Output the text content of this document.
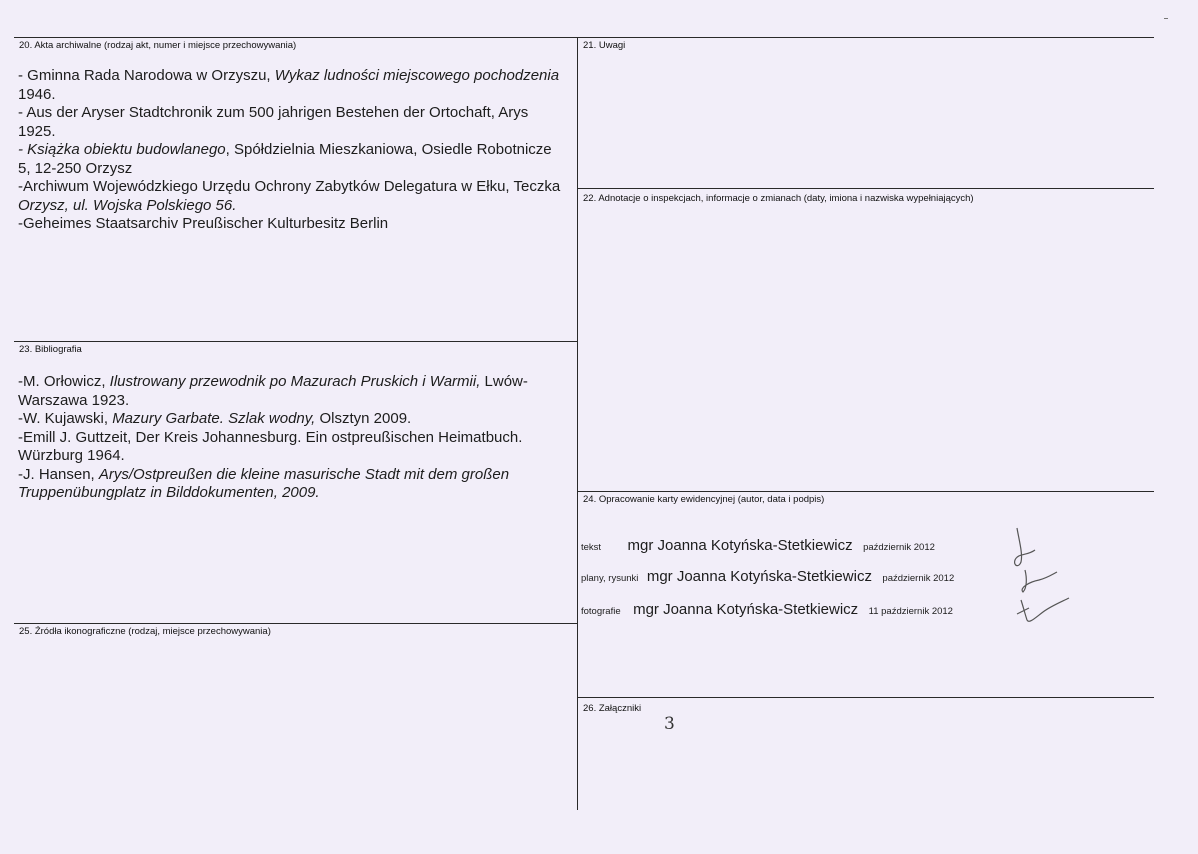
20. Akta archiwalne (rodzaj akt, numer i miejsce przechowywania)
- Gminna Rada Narodowa w Orzyszu, Wykaz ludności miejscowego pochodzenia 1946.
- Aus der Aryser Stadtchronik zum 500 jahrigen Bestehen der Ortochaft, Arys 1925.
- Książka obiektu budowlanego, Spółdzielnia Mieszkaniowa, Osiedle Robotnicze 5, 12-250 Orzysz
-Archiwum Wojewódzkiego Urzędu Ochrony Zabytków Delegatura w Ełku, Teczka Orzysz, ul. Wojska Polskiego 56.
-Geheimes Staatsarchiv Preußischer Kulturbesitz Berlin
21. Uwagi
22. Adnotacje o inspekcjach, informacje o zmianach (daty, imiona i nazwiska wypełniających)
23. Bibliografia
-M. Orłowicz, Ilustrowany przewodnik po Mazurach Pruskich i Warmii, Lwów-Warszawa 1923.
-W. Kujawski, Mazury Garbate. Szlak wodny, Olsztyn 2009.
-Emill J. Guttzeit, Der Kreis Johannesburg. Ein ostpreußischen Heimatbuch. Würzburg 1964.
-J. Hansen, Arys/Ostpreußen die kleine masurische Stadt mit dem großen Truppenübungplatz in Bilddokumenten, 2009.	24. Opracowanie karty ewidencyjnej (autor, data i podpis)
tekst mgr Joanna Kotyńska-Stetkiewicz październik 2012
plany, rysunki mgr Joanna Kotyńska-Stetkiewicz październik 2012
fotografie mgr Joanna Kotyńska-Stetkiewicz 11 październik 2012
25. Źródła ikonograficzne (rodzaj, miejsce przechowywania)
26. Załączniki
3
